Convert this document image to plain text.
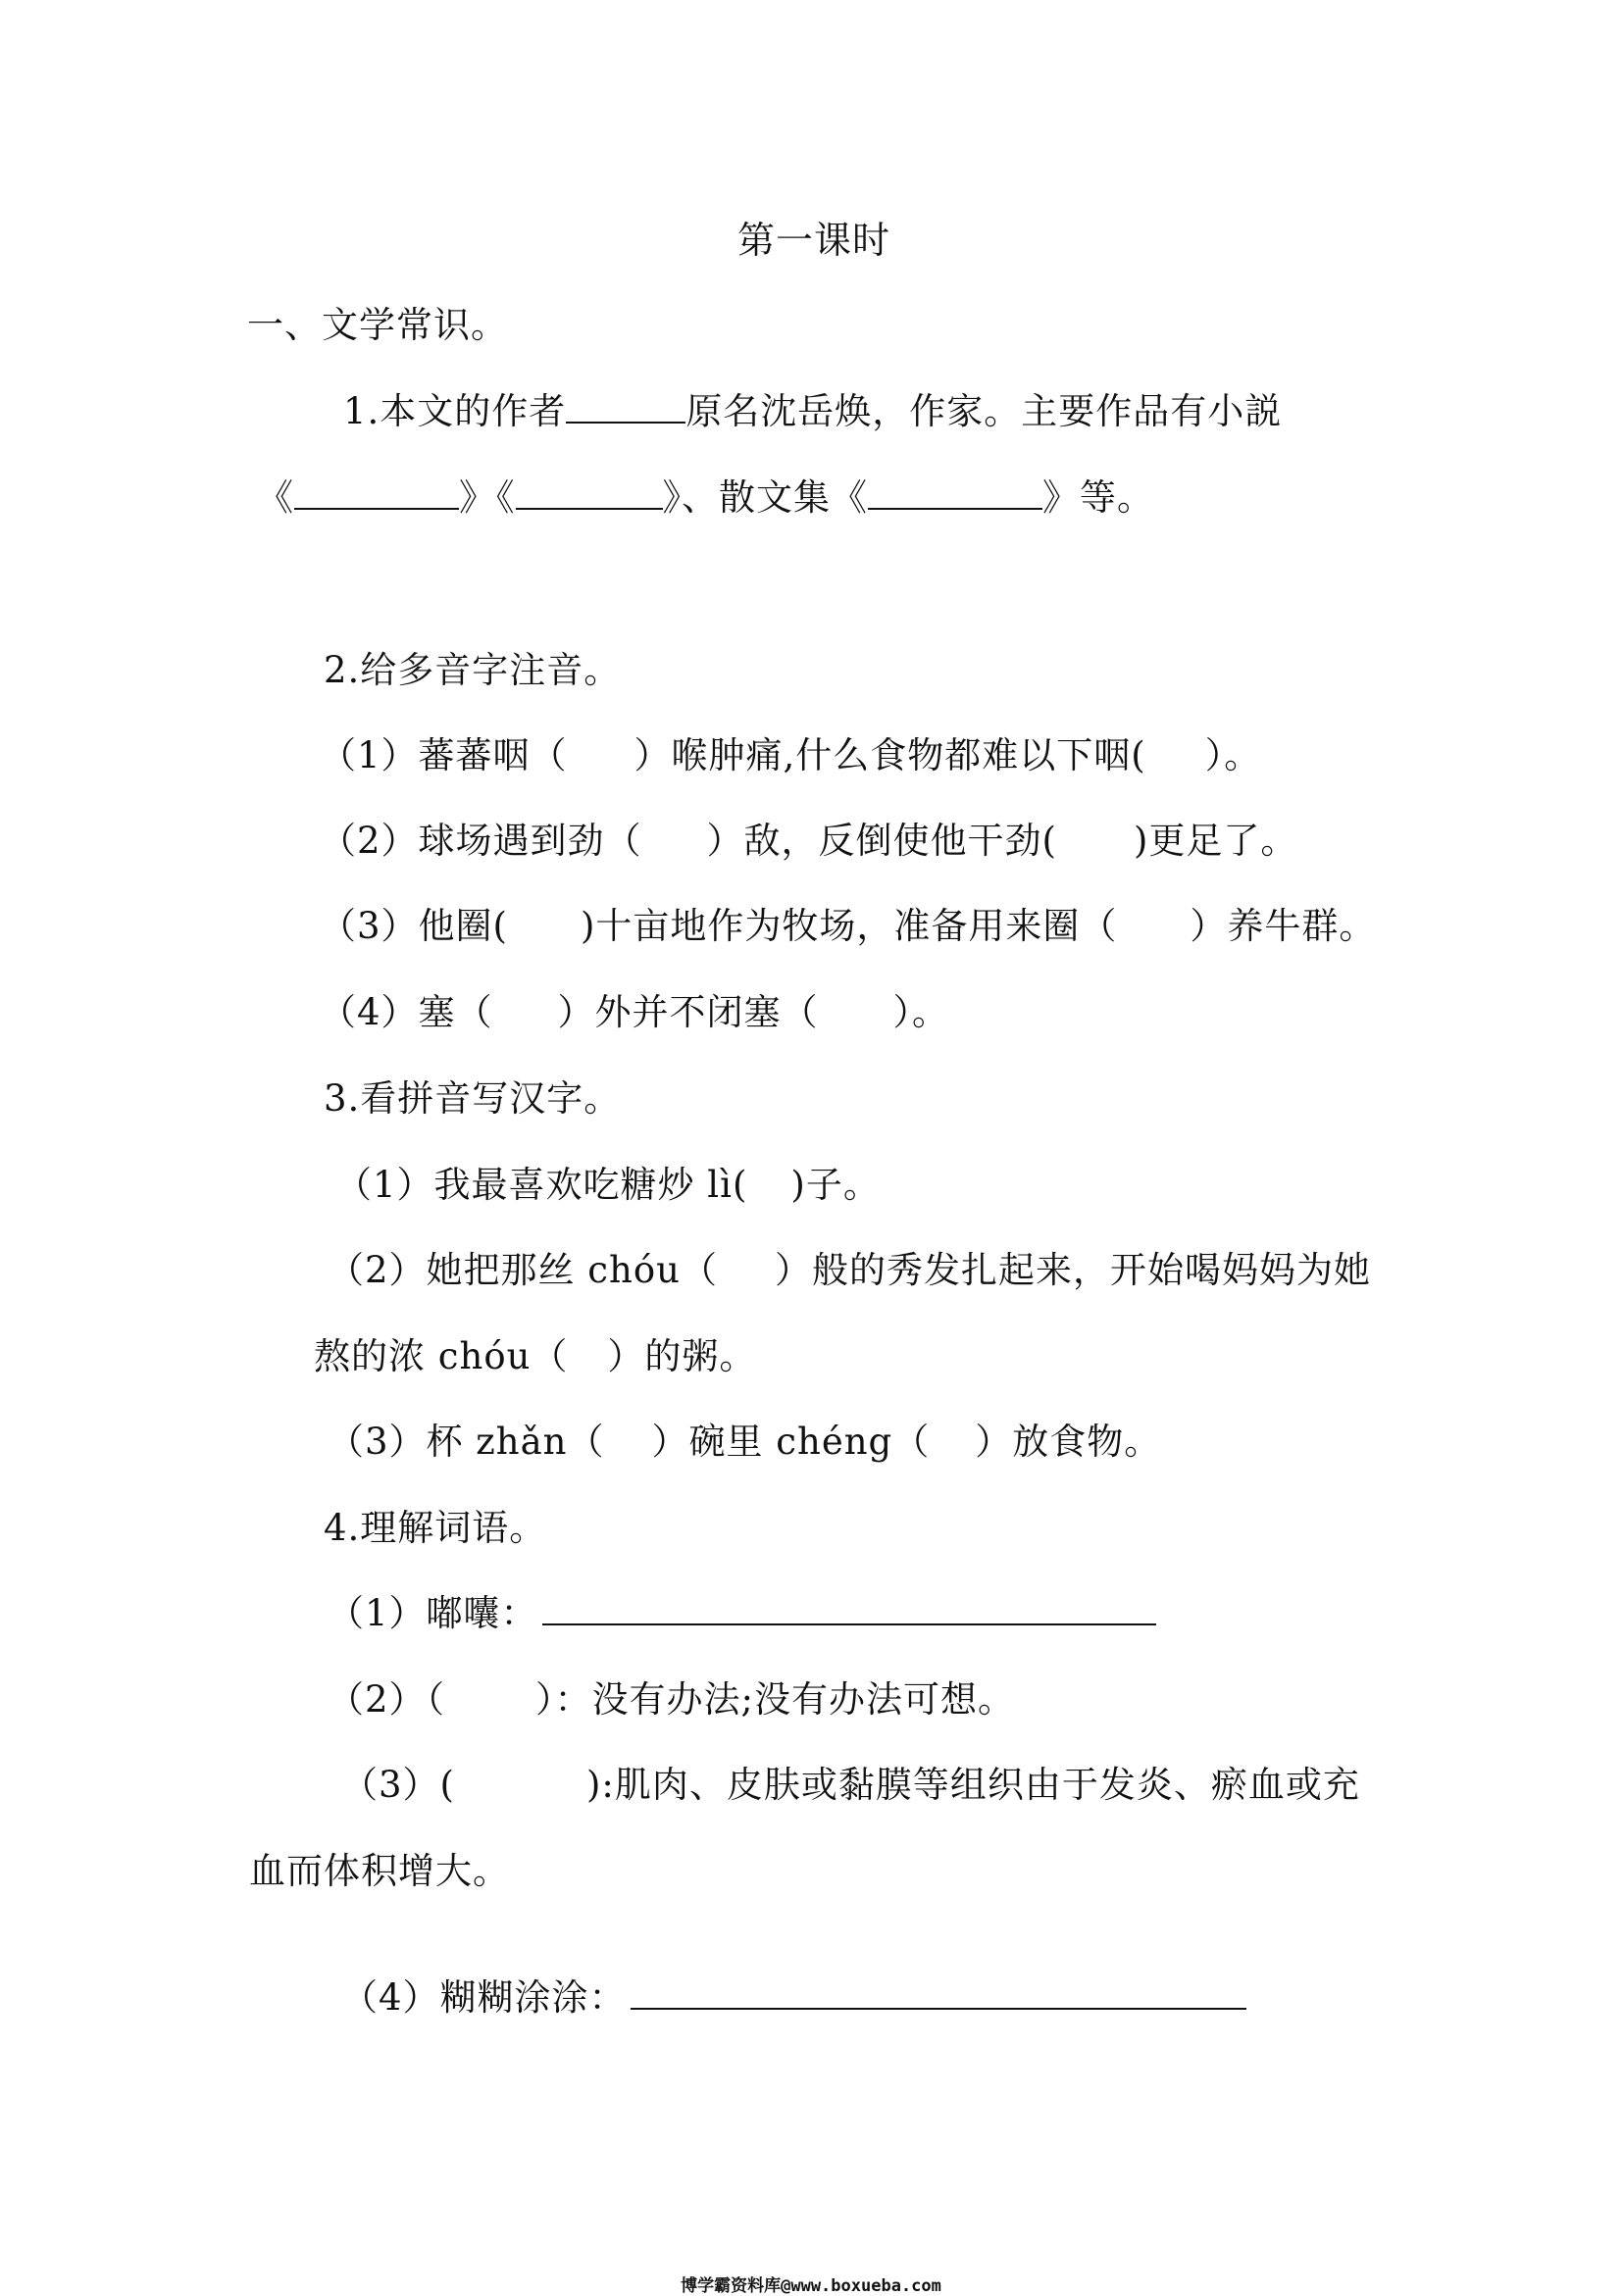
第一课时
一、文学常识。
1.本文的作者	原名沈岳焕，作家。主要作品有小説
《	》《	》、散文集《	》等。
2.给多音字注音。
（1）蕃蕃咽（ ）喉肿痛,什么食物都难以下咽( ）。
（2）球场遇到劲（ ）敌，反倒使他干劲( )更足了。
（3）他圈( )十亩地作为牧场，准备用来圈（ ）养牛群。
（4）塞（ ）外并不闭塞（ ）。
3.看拼音写汉字。
（1）我最喜欢吃糖炒 lì( )子。
（2）她把那丝 chóu（ ）般的秀发扎起来，开始喝妈妈为她
熬的浓 chóu（ ）的粥。
（3）杯 zhǎn（ ）碗里 chéng（ ）放食物。
4.理解词语。
（1）嘟囔：
（2）（ ）：没有办法;没有办法可想。
（3）(	):肌肉、皮肤或黏膜等组织由于发炎、瘀血或充
血而体积增大。
（4）糊糊涂涂：
博学霸资料库@www.boxueba.com
